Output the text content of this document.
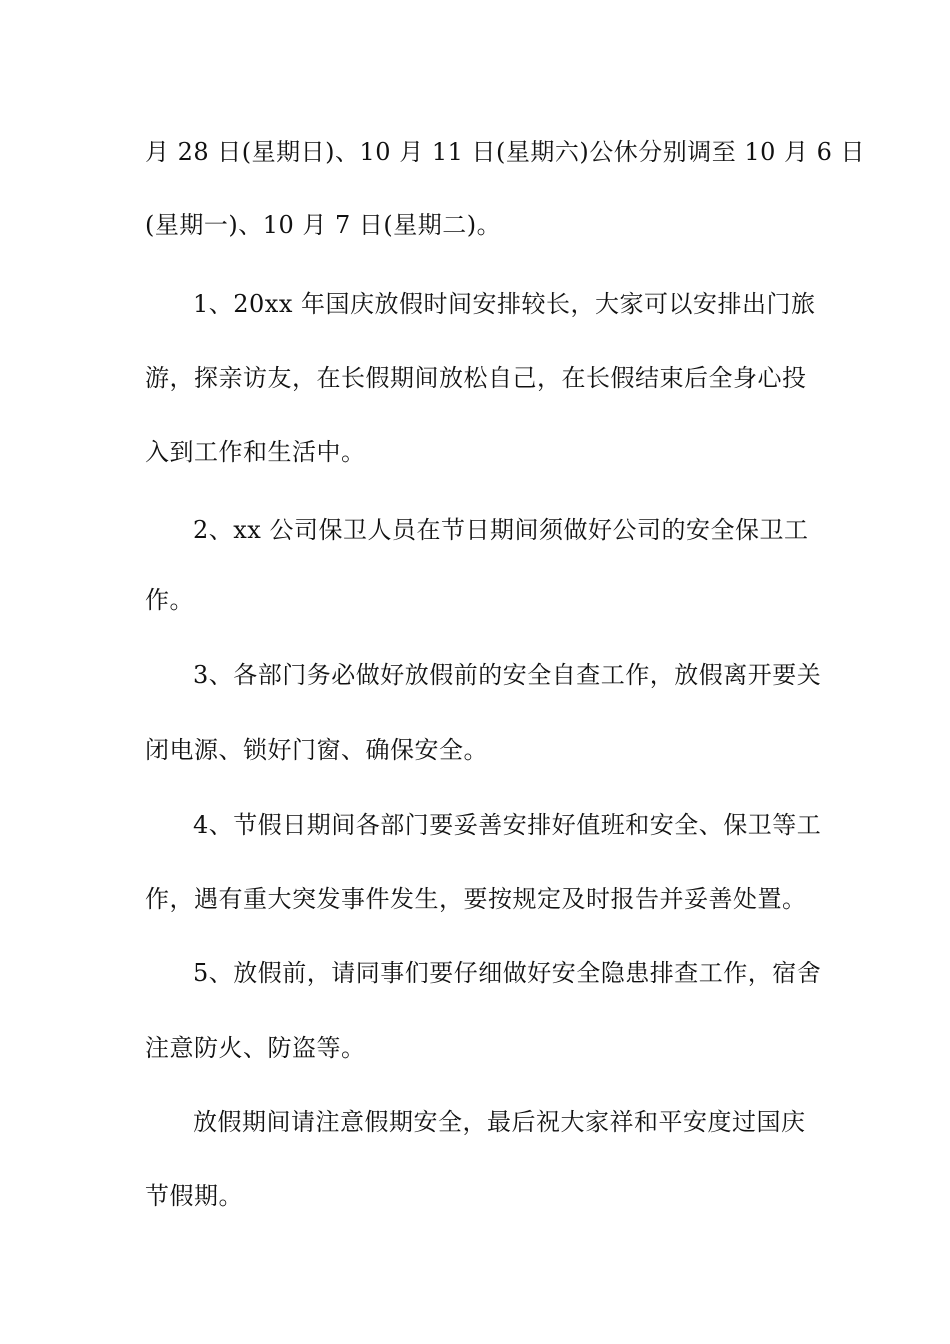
月 28 日(星期日)、10 月 11 日(星期六)公休分别调至 10 月 6 日
(星期一)、10 月 7 日(星期二)。
1、20xx 年国庆放假时间安排较长，大家可以安排出门旅
游，探亲访友，在长假期间放松自己，在长假结束后全身心投
入到工作和生活中。
2、xx 公司保卫人员在节日期间须做好公司的安全保卫工
作。
3、各部门务必做好放假前的安全自查工作，放假离开要关
闭电源、锁好门窗、确保安全。
4、节假日期间各部门要妥善安排好值班和安全、保卫等工
作，遇有重大突发事件发生，要按规定及时报告并妥善处置。
5、放假前，请同事们要仔细做好安全隐患排查工作，宿舍
注意防火、防盗等。
放假期间请注意假期安全，最后祝大家祥和平安度过国庆
节假期。
